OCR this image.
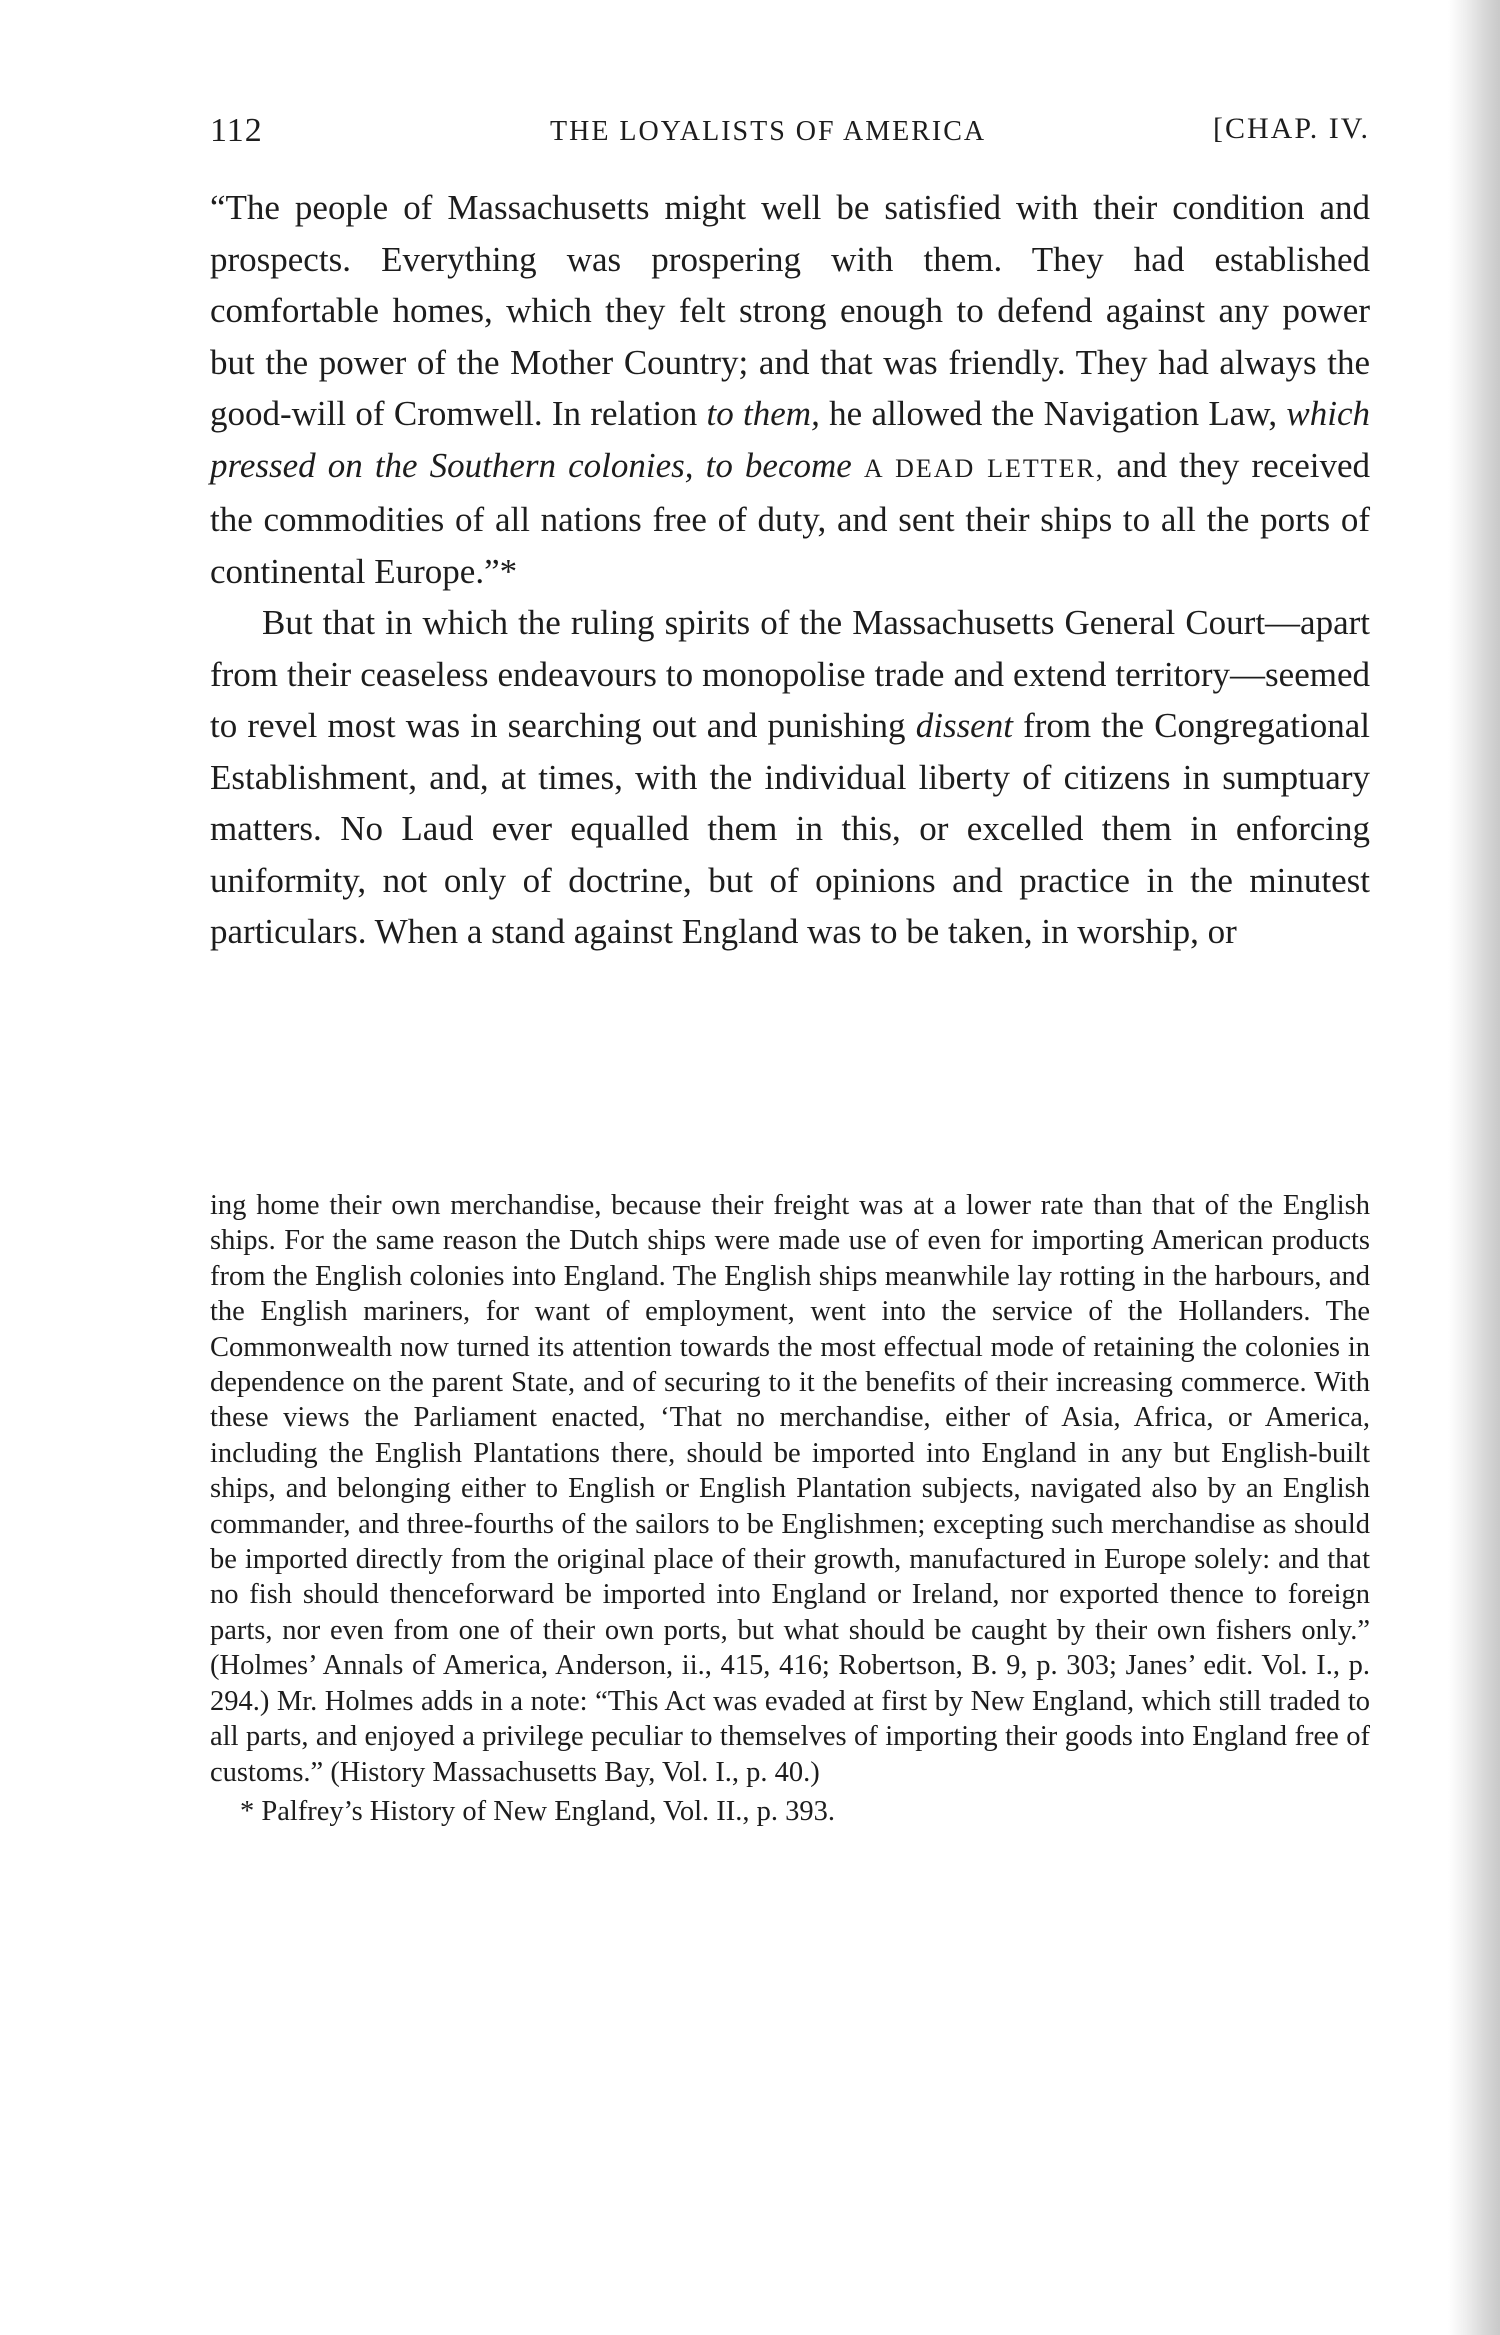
112	THE LOYALISTS OF AMERICA	[CHAP. IV.

“The people of Massachusetts might well be satisfied with their condition and prospects. Everything was prospering with them. They had established comfortable homes, which they felt strong enough to defend against any power but the power of the Mother Country; and that was friendly. They had always the good-will of Cromwell. In relation to them, he allowed the Navigation Law, which pressed on the Southern colonies, to become A DEAD LETTER, and they received the commodities of all nations free of duty, and sent their ships to all the ports of continental Europe.”*

But that in which the ruling spirits of the Massachusetts General Court—apart from their ceaseless endeavours to monopolise trade and extend territory—seemed to revel most was in searching out and punishing dissent from the Congregational Establishment, and, at times, with the individual liberty of citizens in sumptuary matters. No Laud ever equalled them in this, or excelled them in enforcing uniformity, not only of doctrine, but of opinions and practice in the minutest particulars. When a stand against England was to be taken, in worship, or

ing home their own merchandise, because their freight was at a lower rate than that of the English ships. For the same reason the Dutch ships were made use of even for importing American products from the English colonies into England. The English ships meanwhile lay rotting in the harbours, and the English mariners, for want of employment, went into the service of the Hollanders. The Commonwealth now turned its attention towards the most effectual mode of retaining the colonies in dependence on the parent State, and of securing to it the benefits of their increasing commerce. With these views the Parliament enacted, ‘That no merchandise, either of Asia, Africa, or America, including the English Plantations there, should be imported into England in any but English-built ships, and belonging either to English or English Plantation subjects, navigated also by an English commander, and three-fourths of the sailors to be Englishmen; excepting such merchandise as should be imported directly from the original place of their growth, manufactured in Europe solely: and that no fish should thenceforward be imported into England or Ireland, nor exported thence to foreign parts, nor even from one of their own ports, but what should be caught by their own fishers only.” (Holmes’ Annals of America, Anderson, ii., 415, 416; Robertson, B. 9, p. 303; Janes’ edit. Vol. I., p. 294.) Mr. Holmes adds in a note: “This Act was evaded at first by New England, which still traded to all parts, and enjoyed a privilege peculiar to themselves of importing their goods into England free of customs.” (History Massachusetts Bay, Vol. I., p. 40.)

* Palfrey’s History of New England, Vol. II., p. 393.
